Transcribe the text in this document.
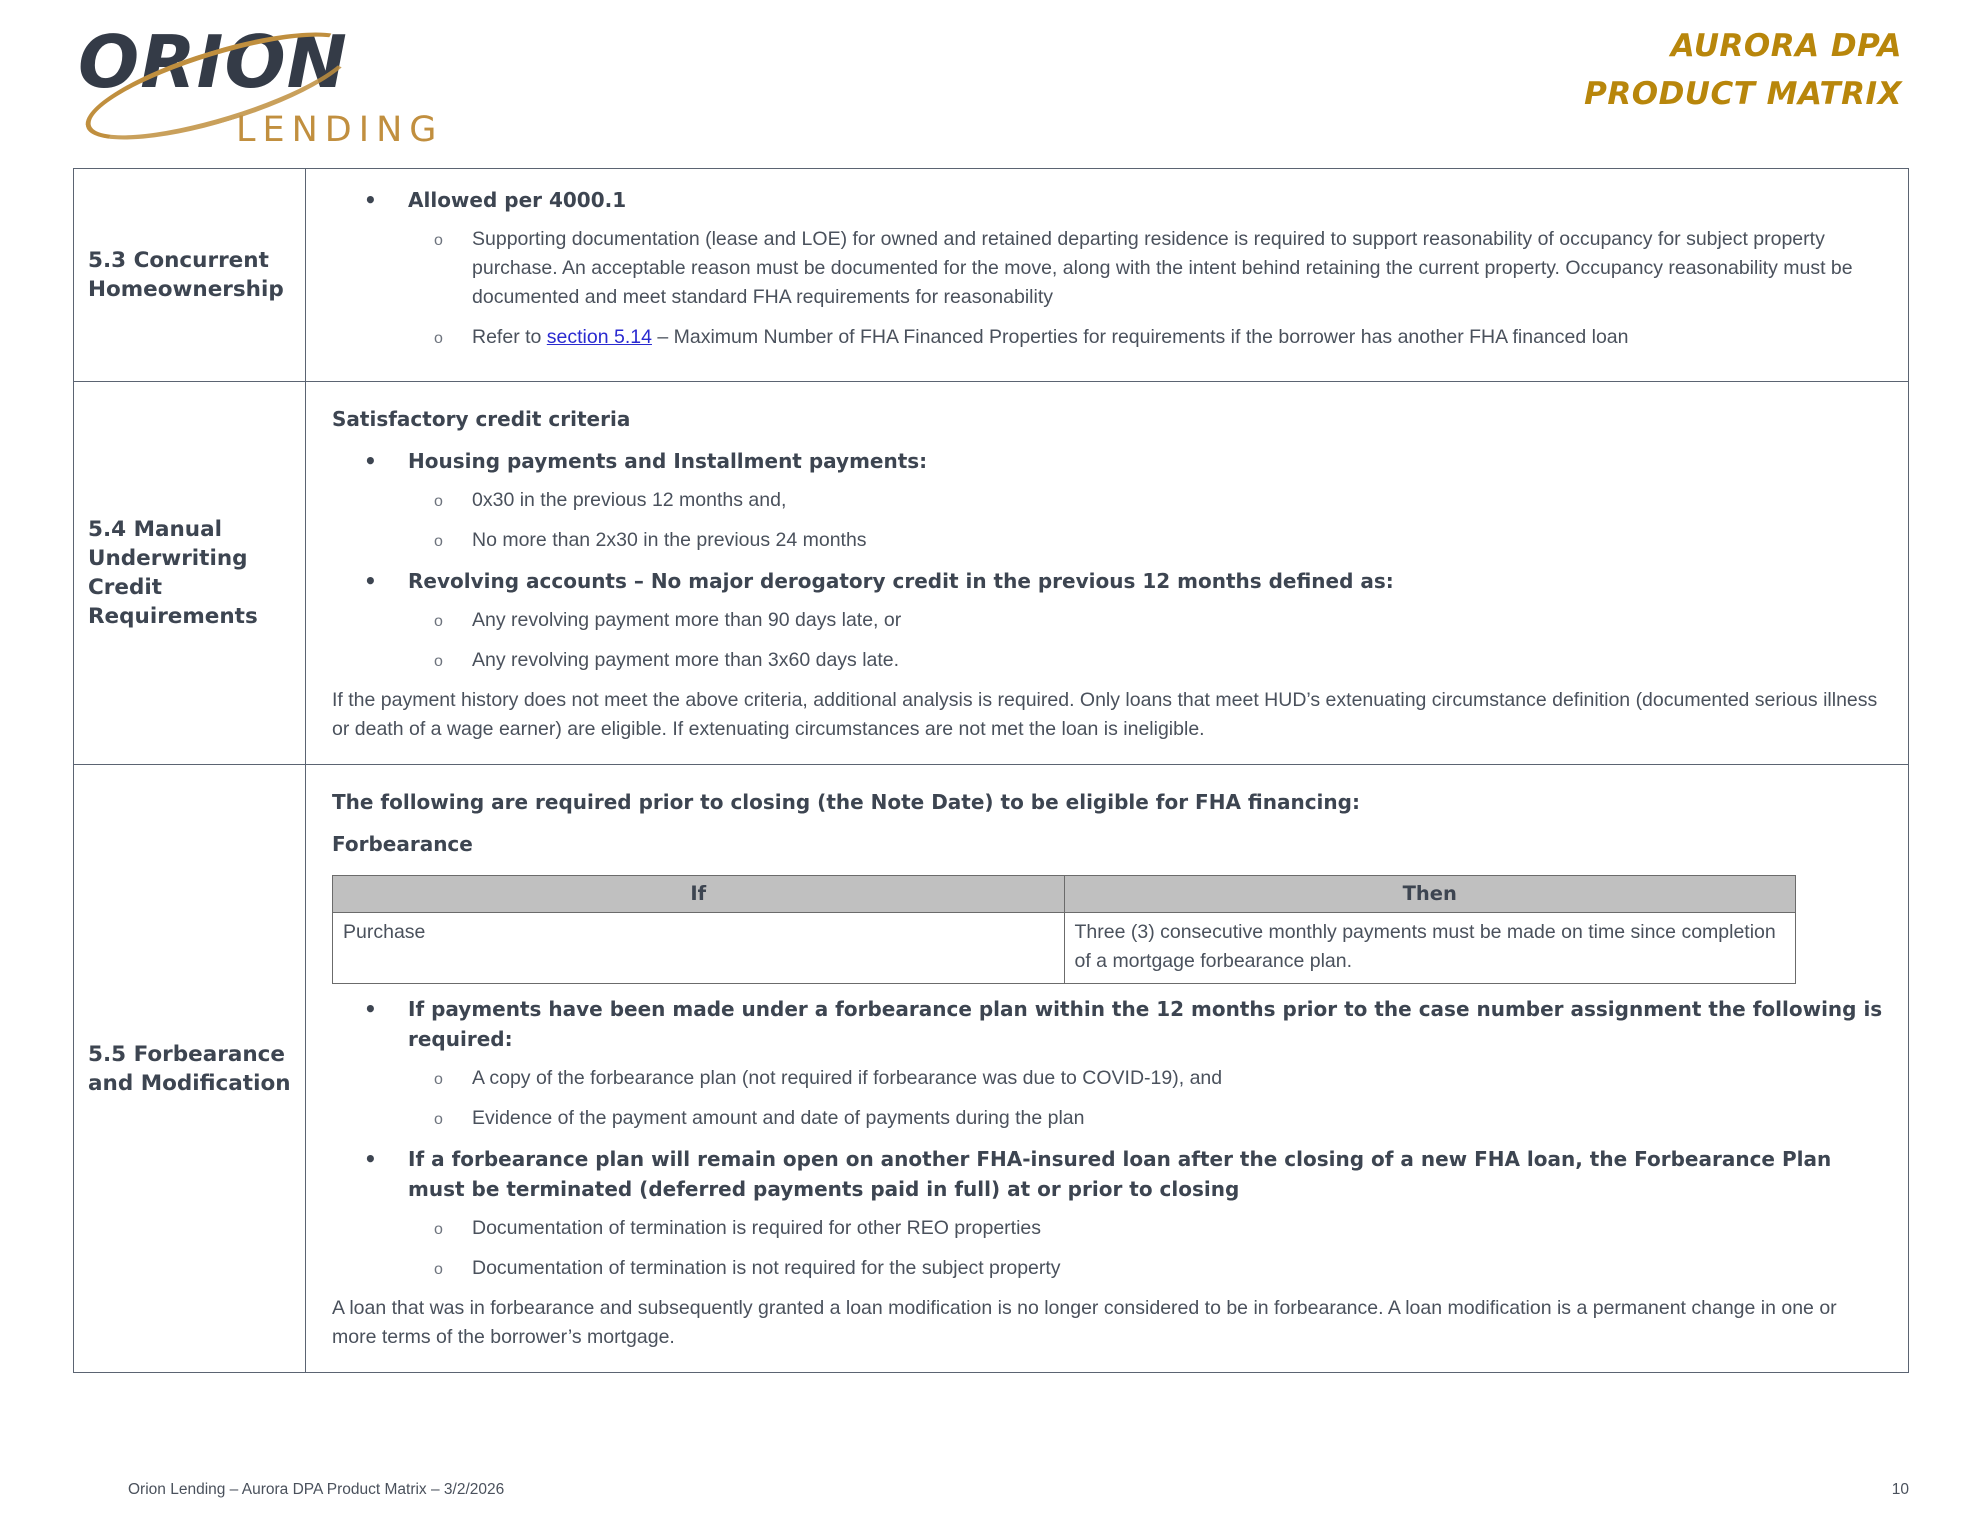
ORION
LENDING
AURORA DPA
PRODUCT MATRIX
5.3 Concurrent Homeownership	
• Allowed per 4000.1
o Supporting documentation (lease and LOE) for owned and retained departing residence is required to support reasonability of occupancy for subject property purchase. An acceptable reason must be documented for the move, along with the intent behind retaining the current property. Occupancy reasonability must be documented and meet standard FHA requirements for reasonability
o Refer to section 5.14 – Maximum Number of FHA Financed Properties for requirements if the borrower has another FHA financed loan

5.4 Manual Underwriting Credit Requirements	
Satisfactory credit criteria
• Housing payments and Installment payments:
o 0x30 in the previous 12 months and,
o No more than 2x30 in the previous 24 months
• Revolving accounts – No major derogatory credit in the previous 12 months defined as:
o Any revolving payment more than 90 days late, or
o Any revolving payment more than 3x60 days late.
If the payment history does not meet the above criteria, additional analysis is required. Only loans that meet HUD’s extenuating circumstance definition (documented serious illness or death of a wage earner) are eligible. If extenuating circumstances are not met the loan is ineligible.

5.5 Forbearance and Modification	
The following are required prior to closing (the Note Date) to be eligible for FHA financing:
Forbearance
If	Then
Purchase	Three (3) consecutive monthly payments must be made on time since completion of a mortgage forbearance plan.
• If payments have been made under a forbearance plan within the 12 months prior to the case number assignment the following is required:
o A copy of the forbearance plan (not required if forbearance was due to COVID-19), and
o Evidence of the payment amount and date of payments during the plan
• If a forbearance plan will remain open on another FHA-insured loan after the closing of a new FHA loan, the Forbearance Plan must be terminated (deferred payments paid in full) at or prior to closing
o Documentation of termination is required for other REO properties
o Documentation of termination is not required for the subject property
A loan that was in forbearance and subsequently granted a loan modification is no longer considered to be in forbearance. A loan modification is a permanent change in one or more terms of the borrower’s mortgage.
Orion Lending – Aurora DPA Product Matrix – 3/2/2026	10
